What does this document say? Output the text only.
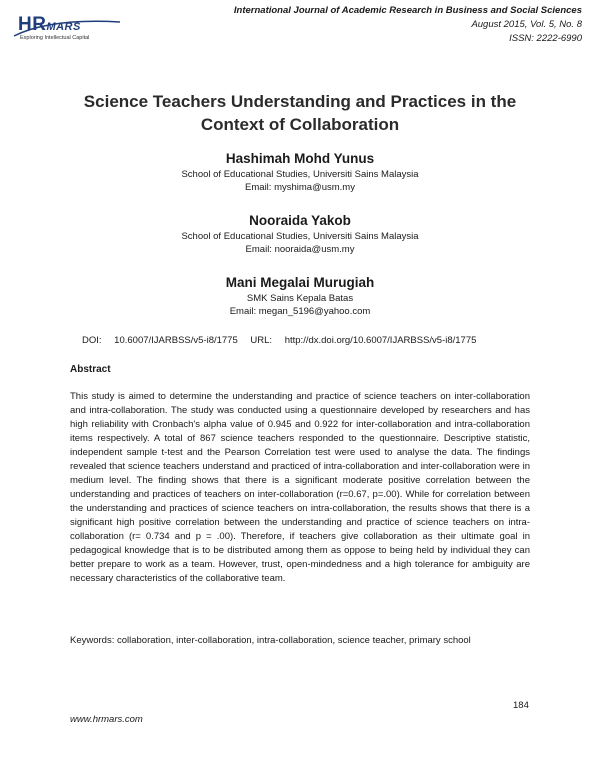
HRMARS
Exploring Intellectual Capital
International Journal of Academic Research in Business and Social Sciences
August 2015, Vol. 5, No. 8
ISSN: 2222-6990
Science Teachers Understanding and Practices in the
Context of Collaboration
Hashimah Mohd Yunus
School of Educational Studies, Universiti Sains Malaysia
Email: myshima@usm.my
Nooraida Yakob
School of Educational Studies, Universiti Sains Malaysia
Email: nooraida@usm.my
Mani Megalai Murugiah
SMK Sains Kepala Batas
Email: megan_5196@yahoo.com
DOI: 10.6007/IJARBSS/v5-i8/1775 URL: http://dx.doi.org/10.6007/IJARBSS/v5-i8/1775
Abstract
This study is aimed to determine the understanding and practice of science teachers on inter-collaboration and intra-collaboration. The study was conducted using a questionnaire developed by researchers and has high reliability with Cronbach's alpha value of 0.945 and 0.922 for inter-collaboration and intra-collaboration items respectively. A total of 867 science teachers responded to the questionnaire. Descriptive statistic, independent sample t-test and the Pearson Correlation test were used to analyse the data. The findings revealed that science teachers understand and practiced of intra-collaboration and inter-collaboration were in medium level. The finding shows that there is a significant moderate positive correlation between the understanding and practices of teachers on inter-collaboration (r=0.67, p=.00). While for correlation between the understanding and practices of science teachers on intra-collaboration, the results shows that there is a significant high positive correlation between the understanding and practice of science teachers on intra-collaboration (r= 0.734 and p = .00). Therefore, if teachers give collaboration as their ultimate goal in pedagogical knowledge that is to be distributed among them as oppose to being held by individual they can better prepare to work as a team. However, trust, open-mindedness and a high tolerance for ambiguity are necessary characteristics of the collaborative team.
Keywords: collaboration, inter-collaboration, intra-collaboration, science teacher, primary school
184
www.hrmars.com
